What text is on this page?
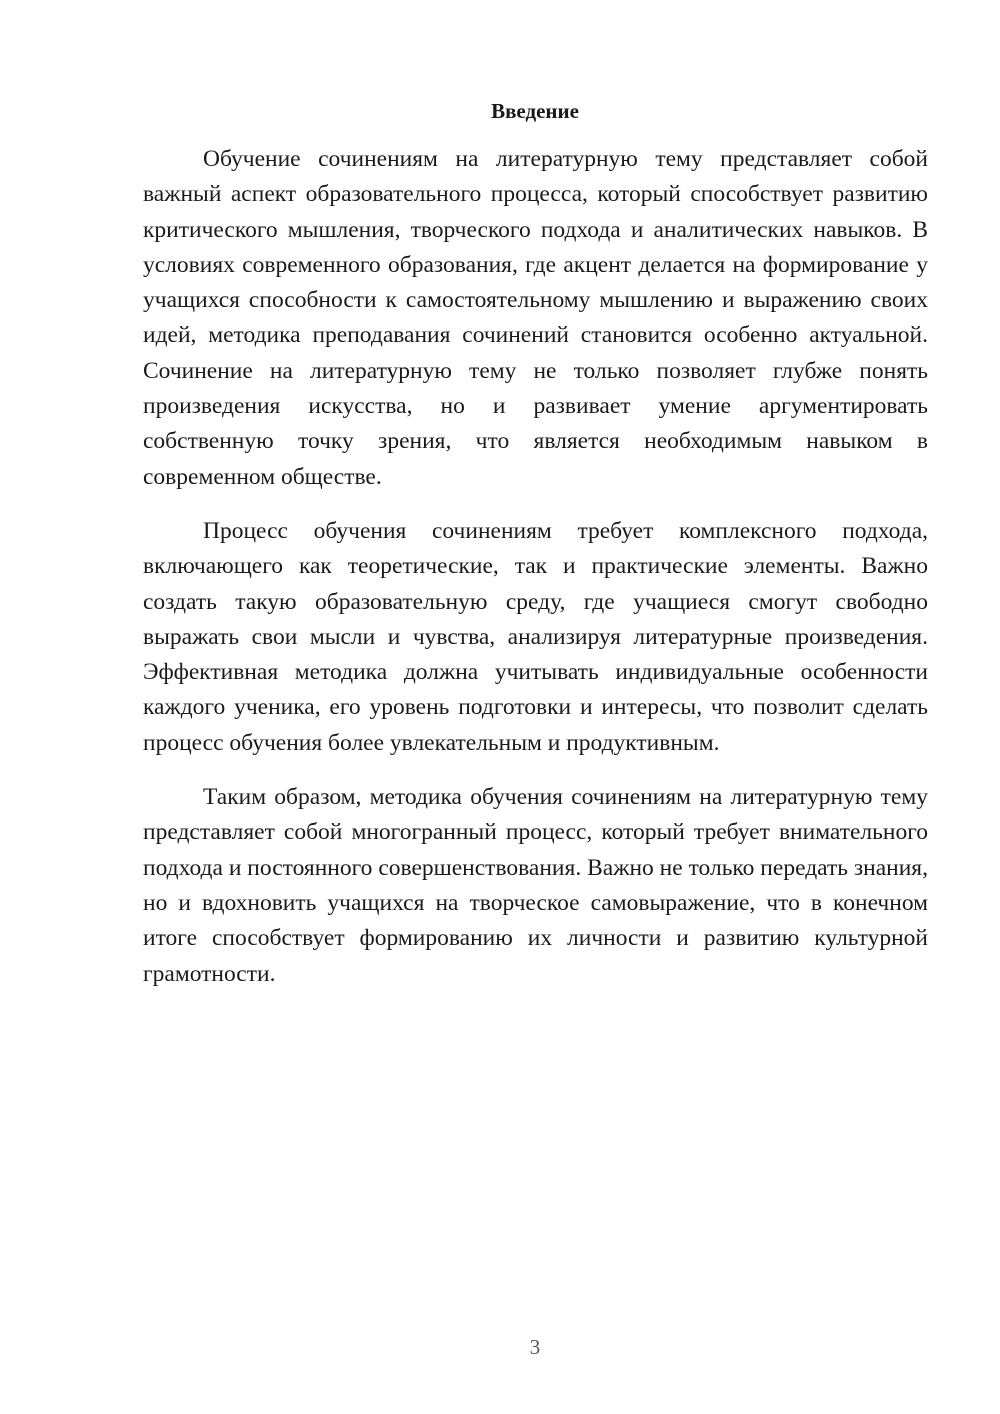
Введение

Обучение сочинениям на литературную тему представляет собой важный аспект образовательного процесса, который способствует развитию критического мышления, творческого подхода и аналитических навыков. В условиях современного образования, где акцент делается на формирование у учащихся способности к самостоятельному мышлению и выражению своих идей, методика преподавания сочинений становится особенно актуальной. Сочинение на литературную тему не только позволяет глубже понять произведения искусства, но и развивает умение аргументировать собственную точку зрения, что является необходимым навыком в современном обществе.

Процесс обучения сочинениям требует комплексного подхода, включающего как теоретические, так и практические элементы. Важно создать такую образовательную среду, где учащиеся смогут свободно выражать свои мысли и чувства, анализируя литературные произведения. Эффективная методика должна учитывать индивидуальные особенности каждого ученика, его уровень подготовки и интересы, что позволит сделать процесс обучения более увлекательным и продуктивным.

Таким образом, методика обучения сочинениям на литературную тему представляет собой многогранный процесс, который требует внимательного подхода и постоянного совершенствования. Важно не только передать знания, но и вдохновить учащихся на творческое самовыражение, что в конечном итоге способствует формированию их личности и развитию культурной грамотности.

3
